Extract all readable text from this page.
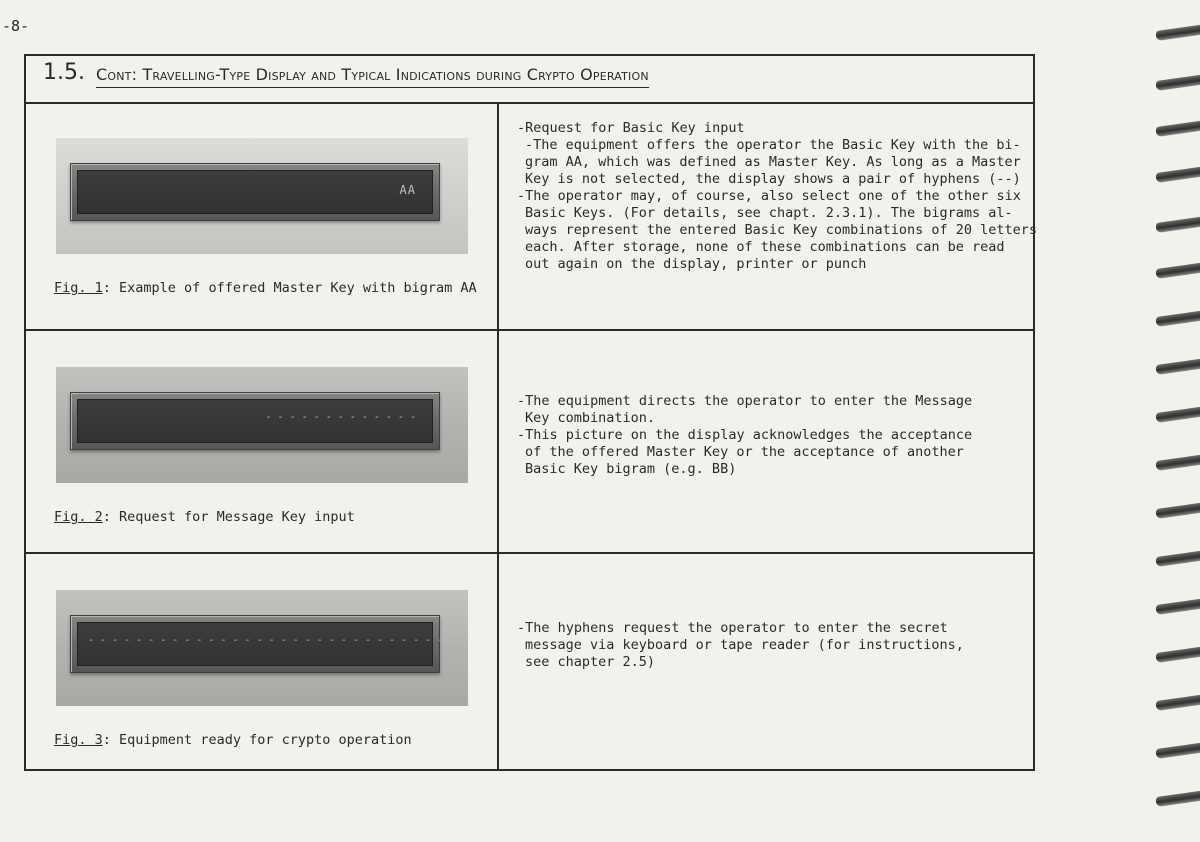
-8-
1.5. Cont: Travelling-Type Display and Typical Indications during Crypto Operation
AA
Fig. 1: Example of offered Master Key with bigram AA

-Request for Basic Key input

-The equipment offers the operator the Basic Key with the bi-

gram AA, which was defined as Master Key. As long as a Master

Key is not selected, the display shows a pair of hyphens (--)

-The operator may, of course, also select one of the other six

Basic Keys. (For details, see chapt. 2.3.1). The bigrams al-

ways represent the entered Basic Key combinations of 20 letters

each. After storage, none of these combinations can be read

out again on the display, printer or punch

- - - - - - - - - - - - -
Fig. 2: Request for Message Key input

-The equipment directs the operator to enter the Message

Key combination.

-This picture on the display acknowledges the acceptance

of the offered Master Key or the acceptance of another

Basic Key bigram (e.g. BB)

- - - - - - - - - - - - - - - - - - - - - - - - - - - - - -
Fig. 3: Equipment ready for crypto operation

-The hyphens request the operator to enter the secret

message via keyboard or tape reader (for instructions,

see chapter 2.5)
